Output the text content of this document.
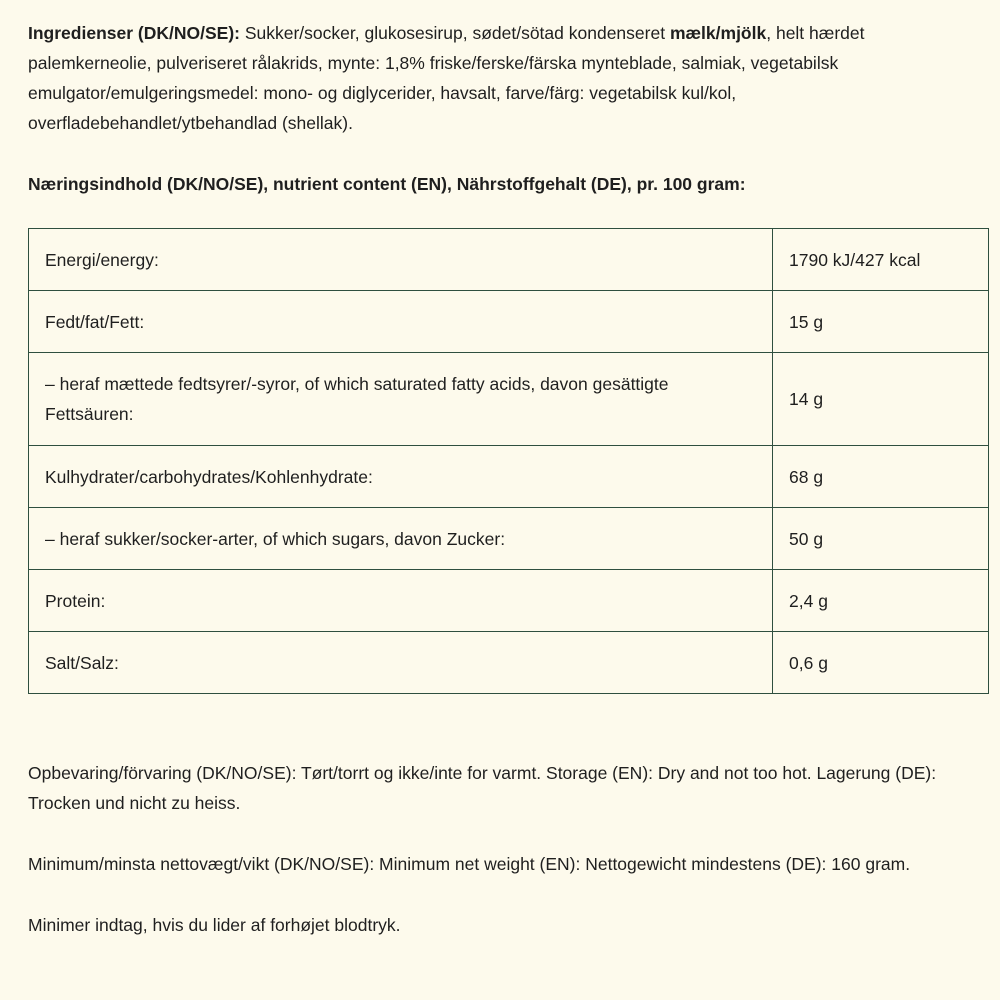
Ingredienser (DK/NO/SE): Sukker/socker, glukosesirup, sødet/sötad kondenseret mælk/mjölk, helt hærdet palemkerneolie, pulveriseret rålakrids, mynte: 1,8% friske/ferske/färska mynteblade, salmiak, vegetabilsk emulgator/emulgeringsmedel: mono- og diglycerider, havsalt, farve/färg: vegetabilsk kul/kol, overfladebehandlet/ytbehandlad (shellak).

Næringsindhold (DK/NO/SE), nutrient content (EN), Nährstoffgehalt (DE), pr. 100 gram:

Energi/energy:	1790 kJ/427 kcal
Fedt/fat/Fett:	15 g
– heraf mættede fedtsyrer/-syror, of which saturated fatty acids, davon gesättigte Fettsäuren:	14 g
Kulhydrater/carbohydrates/Kohlenhydrate:	68 g
– heraf sukker/socker-arter, of which sugars, davon Zucker:	50 g
Protein:	2,4 g
Salt/Salz:	0,6 g

Opbevaring/förvaring (DK/NO/SE): Tørt/torrt og ikke/inte for varmt. Storage (EN): Dry and not too hot. Lagerung (DE): Trocken und nicht zu heiss.

Minimum/minsta nettovægt/vikt (DK/NO/SE): Minimum net weight (EN): Nettogewicht mindestens (DE): 160 gram.

Minimer indtag, hvis du lider af forhøjet blodtryk.
